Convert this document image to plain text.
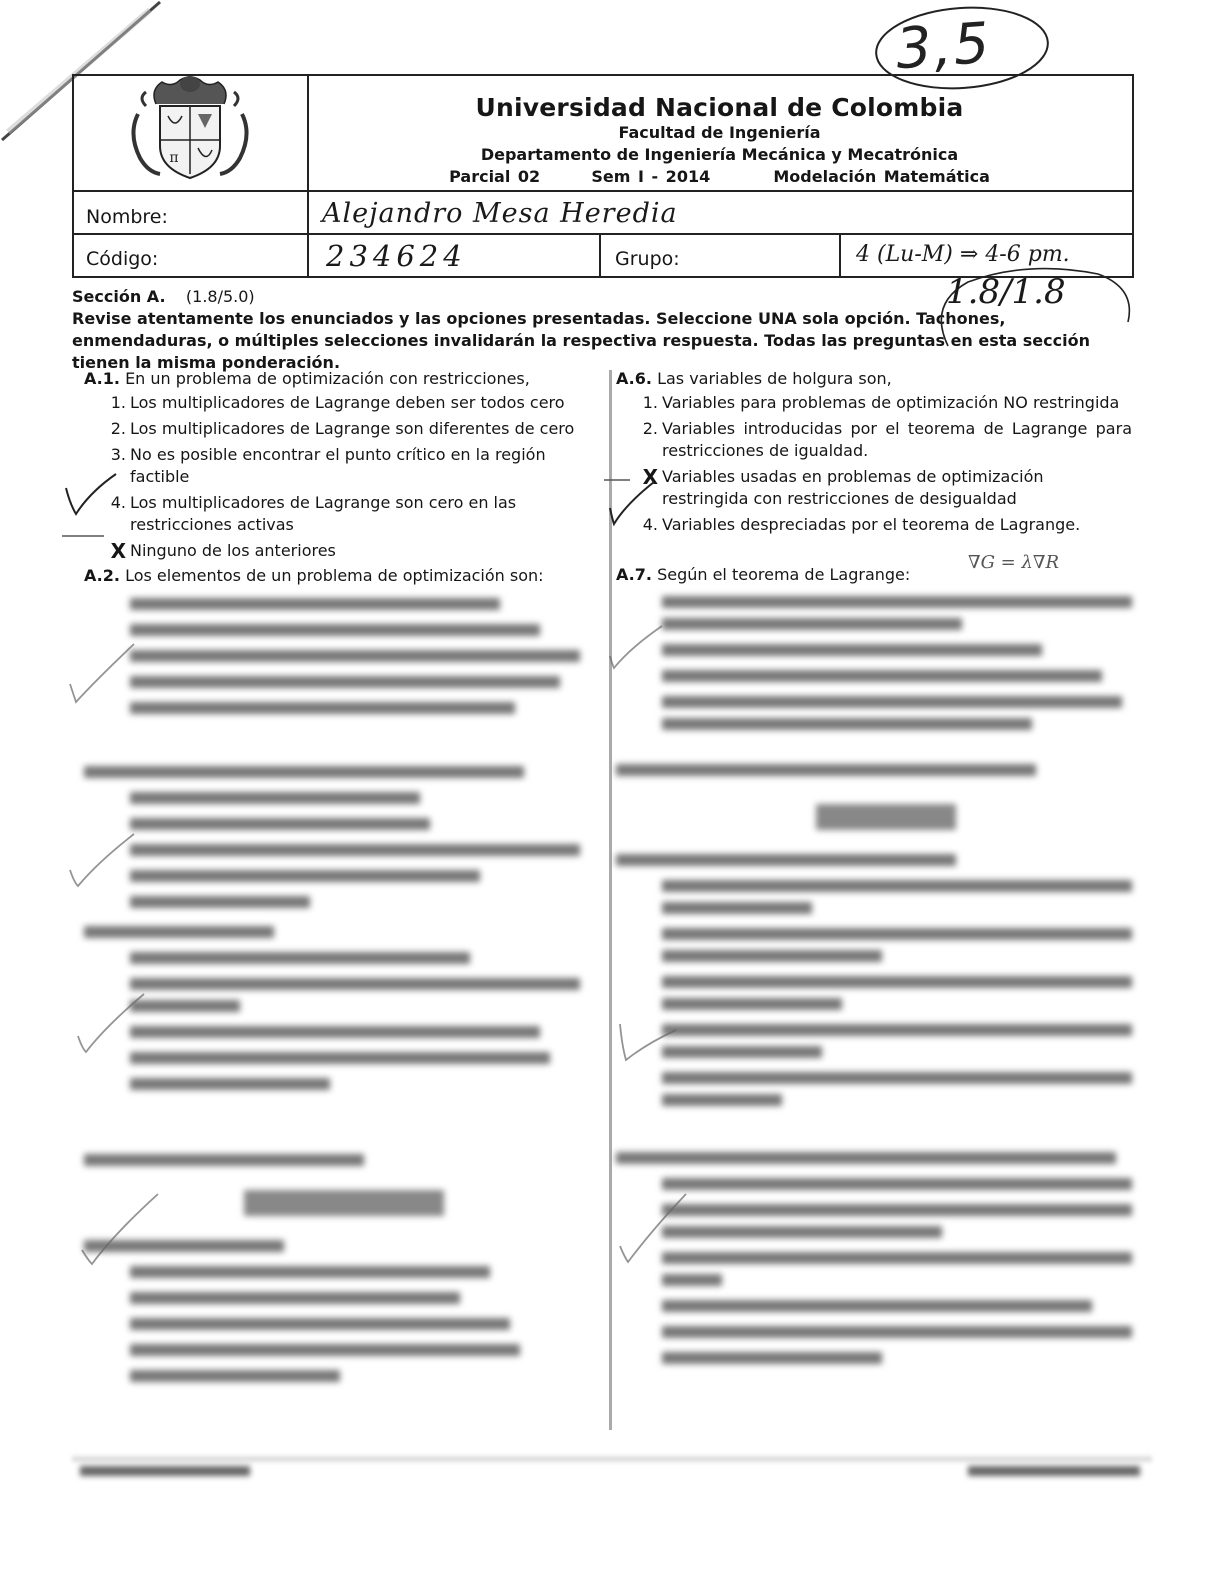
3,5
π
Universidad Nacional de Colombia
Facultad de Ingeniería
Departamento de Ingeniería Mecánica y Mecatrónica
Parcial 02	Sem I - 2014	Modelación Matemática
Nombre:	Alejandro Mesa Heredia
Código:	234624	Grupo:	4 (Lu-M) ⇒ 4-6 pm.
Sección A. (1.8/5.0)
Revise atentamente los enunciados y las opciones presentadas. Seleccione UNA sola opción. Tachones, enmendaduras, o múltiples selecciones invalidarán la respectiva respuesta. Todas las preguntas en esta sección tienen la misma ponderación.
1.8/1.8

A.1. En un problema de optimización con restricciones,

1. Los multiplicadores de Lagrange deben ser todos cero
2. Los multiplicadores de Lagrange son diferentes de cero
3. No es posible encontrar el punto crítico en la región factible
4. Los multiplicadores de Lagrange son cero en las restricciones activas
X Ninguno de los anteriores

A.2. Los elementos de un problema de optimización son:

A.6. Las variables de holgura son,

1. Variables para problemas de optimización NO restringida
2. Variables introducidas por el teorema de Lagrange para restricciones de igualdad.
X Variables usadas en problemas de optimización restringida con restricciones de desigualdad
4. Variables despreciadas por el teorema de Lagrange.

A.7. Según el teorema de Lagrange:

∇G = λ∇R
